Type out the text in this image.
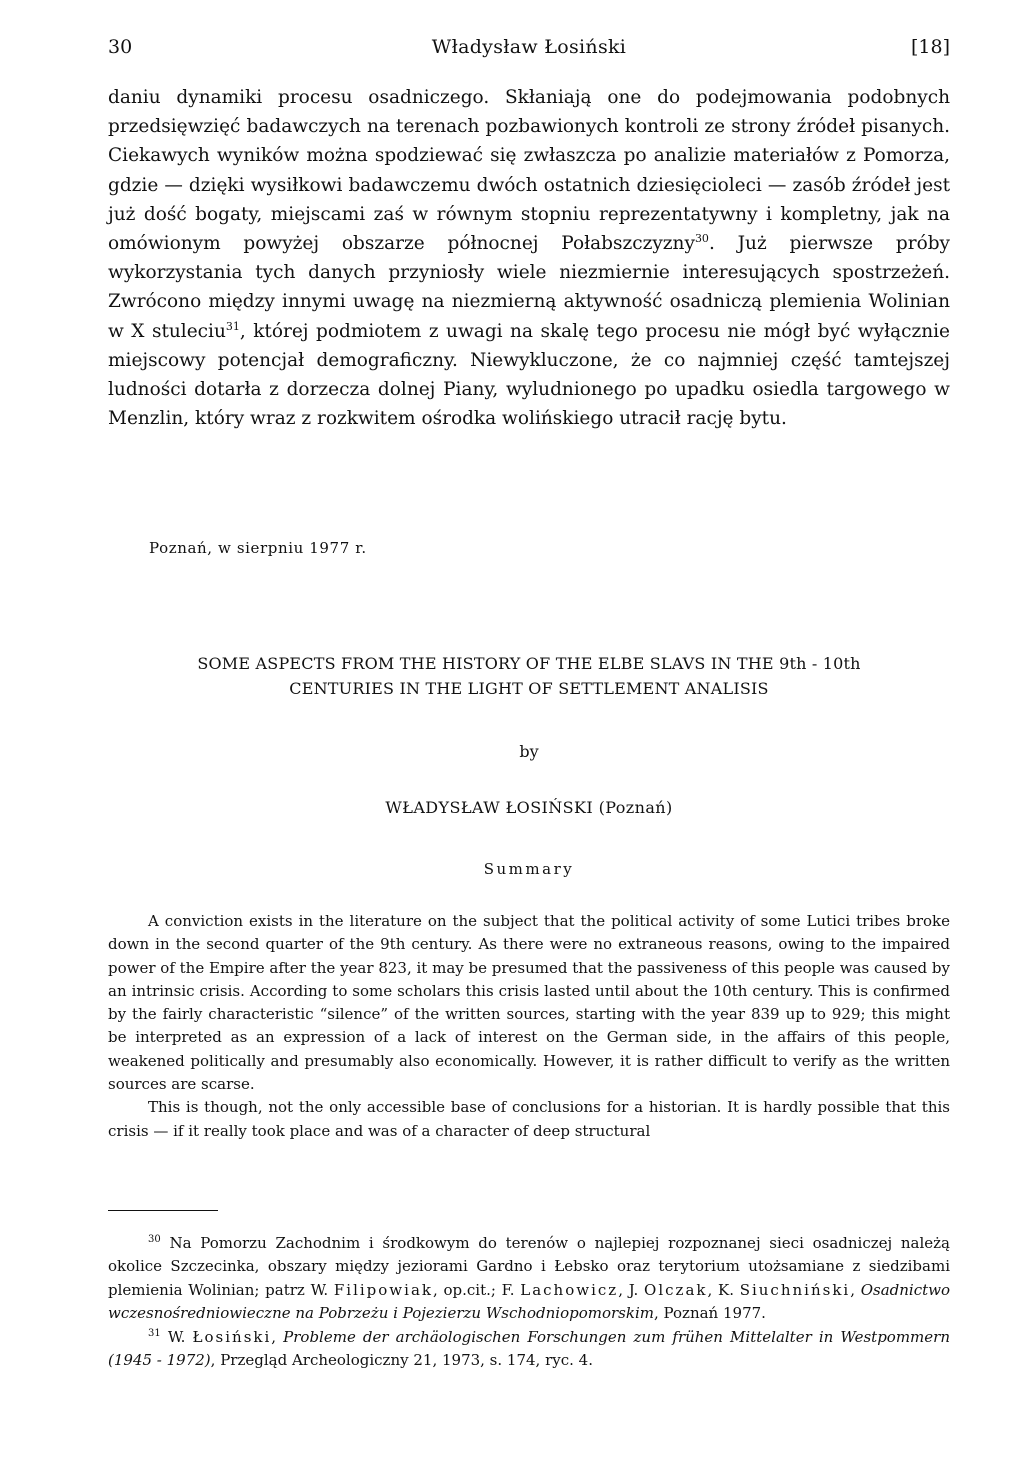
30	Władysław Łosiński	[18]

daniu dynamiki procesu osadniczego. Skłaniają one do podejmowania podobnych przedsięwzięć badawczych na terenach pozbawionych kontroli ze strony źródeł pisanych. Ciekawych wyników można spodziewać się zwłaszcza po analizie materiałów z Pomorza, gdzie — dzięki wysiłkowi badawczemu dwóch ostatnich dziesięcioleci — zasób źródeł jest już dość bogaty, miejscami zaś w równym stopniu reprezentatywny i kompletny, jak na omówionym powyżej obszarze północnej Połabszczyzny$^{30}$. Już pierwsze próby wykorzystania tych danych przyniosły wiele niezmiernie interesujących spostrzeżeń. Zwrócono między innymi uwagę na niezmierną aktywność osadniczą plemienia Wolinian w X stuleciu$^{31}$, której podmiotem z uwagi na skalę tego procesu nie mógł być wyłącznie miejscowy potencjał demograficzny. Niewykluczone, że co najmniej część tamtejszej ludności dotarła z dorzecza dolnej Piany, wyludnionego po upadku osiedla targowego w Menzlin, który wraz z rozkwitem ośrodka wolińskiego utracił rację bytu.

Poznań, w sierpniu 1977 r.
SOME ASPECTS FROM THE HISTORY OF THE ELBE SLAVS IN THE 9th - 10th
CENTURIES IN THE LIGHT OF SETTLEMENT ANALISIS
by
WŁADYSŁAW ŁOSIŃSKI (Poznań)
Summary

A conviction exists in the literature on the subject that the political activity of some Lutici tribes broke down in the second quarter of the 9th century. As there were no extraneous reasons, owing to the impaired power of the Empire after the year 823, it may be presumed that the passiveness of this people was caused by an intrinsic crisis. According to some scholars this crisis lasted until about the 10th century. This is confirmed by the fairly characteristic “silence” of the written sources, starting with the year 839 up to 929; this might be interpreted as an expression of a lack of interest on the German side, in the affairs of this people, weakened politically and presumably also economically. However, it is rather difficult to verify as the written sources are scarse.

This is though, not the only accessible base of conclusions for a historian. It is hardly possible that this crisis — if it really took place and was of a character of deep structural

$^{30}$ Na Pomorzu Zachodnim i środkowym do terenów o najlepiej rozpoznanej sieci osadniczej należą okolice Szczecinka, obszary między jeziorami Gardno i Łebsko oraz terytorium utożsamiane z siedzibami plemienia Wolinian; patrz W. Filipowiak, op.cit.; F. Lachowicz, J. Olczak, K. Siuchniński, Osadnictwo wczesnośredniowieczne na Pobrzeżu i Pojezierzu Wschodniopomorskim, Poznań 1977.

$^{31}$ W. Łosiński, Probleme der archäologischen Forschungen zum frühen Mittelalter in Westpommern (1945 - 1972), Przegląd Archeologiczny 21, 1973, s. 174, ryc. 4.
